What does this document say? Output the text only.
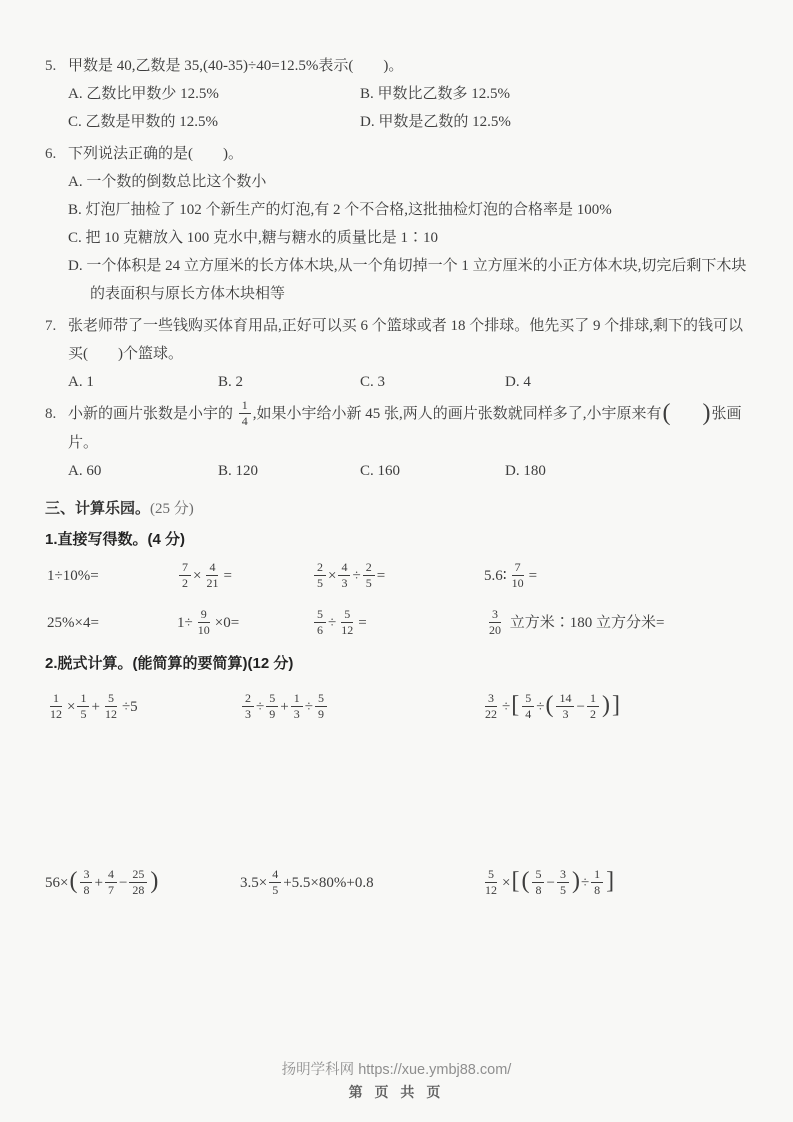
5. 甲数是 40,乙数是 35,(40-35)÷40=12.5%表示(　　)。
A. 乙数比甲数少 12.5%	B. 甲数比乙数多 12.5%
C. 乙数是甲数的 12.5%	D. 甲数是乙数的 12.5%
6. 下列说法正确的是(　　)。
A. 一个数的倒数总比这个数小
B. 灯泡厂抽检了 102 个新生产的灯泡,有 2 个不合格,这批抽检灯泡的合格率是 100%
C. 把 10 克糖放入 100 克水中,糖与糖水的质量比是 1∶10
D. 一个体积是 24 立方厘米的长方体木块,从一个角切掉一个 1 立方厘米的小正方体木块,切完后剩下木块的表面积与原长方体木块相等
7. 张老师带了一些钱购买体育用品,正好可以买 6 个篮球或者 18 个排球。他先买了 9 个排球,剩下的钱可以买(　　)个篮球。
A. 1	B. 2	C. 3	D. 4
8. 小新的画片张数是小宇的 $\frac{1}{4}$ ,如果小宇给小新 45 张,两人的画片张数就同样多了,小宇原来有(　　 )张画片。
A. 60	B. 120	C. 160	D. 180
三、计算乐园。(25 分)
1.直接写得数。(4 分)
1÷10%=	$\frac{7}{2} \times \frac{4}{21}$ =	$\frac{2}{5} \times \frac{4}{3} \div \frac{2}{5}$ =	5.6∶ $\frac{7}{10}$ =
25%×4=	$1\div \frac{9}{10} \times 0=$	$\frac{5}{6} \div \frac{5}{12}$ =	$\frac{3}{20}$ 立方米∶180 立方分米=
2.脱式计算。(能简算的要简算)(12 分)
$\frac{1}{12} \times \frac{1}{5} + \frac{5}{12} \div 5$	$\frac{2}{3} \div \frac{5}{9} + \frac{1}{3} \div \frac{5}{9}$	$\frac{3}{22}$ ÷[ $\frac{5}{4}$ ÷( $\frac{14}{3} - \frac{1}{2}$ )]
$56\times( \frac{3}{8} + \frac{4}{7} - \frac{25}{28}$ )	$3.5\times \frac{4}{5} +5.5\times 80\%+0.8$	$\frac{5}{12}$ ×[( $\frac{5}{8} - \frac{3}{5}$ )÷ $\frac{1}{8}$ ]
扬明学科网 https://xue.ymbj88.com/
第 页 共 页
